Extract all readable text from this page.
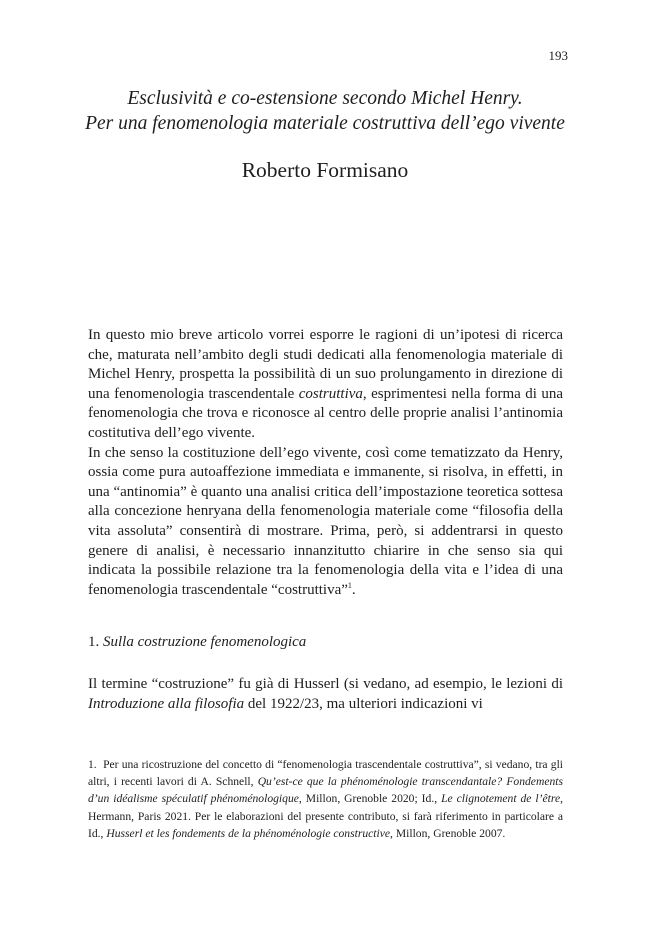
193
Esclusività e co-estensione secondo Michel Henry.
Per una fenomenologia materiale costruttiva dell’ego vivente
Roberto Formisano

In questo mio breve articolo vorrei esporre le ragioni di un’ipotesi di ricerca che, maturata nell’ambito degli studi dedicati alla fenomenologia materiale di Michel Henry, prospetta la possibilità di un suo prolungamento in direzione di una fenomenologia trascendentale costruttiva, esprimentesi nella forma di una fenomenologia che trova e riconosce al centro delle proprie analisi l’antinomia costitutiva dell’ego vivente.

In che senso la costituzione dell’ego vivente, così come tematizzato da Henry, ossia come pura autoaffezione immediata e immanente, si risolva, in effetti, in una “antinomia” è quanto una analisi critica dell’impostazione teoretica sottesa alla concezione henryana della fenomenologia materiale come “filosofia della vita assoluta” consentirà di mostrare. Prima, però, si addentrarsi in questo genere di analisi, è necessario innanzitutto chiarire in che senso sia qui indicata la possibile relazione tra la fenomenologia della vita e l’idea di una fenomenologia trascendentale “costruttiva”$^1$.

1. Sulla costruzione fenomenologica
Il termine “costruzione” fu già di Husserl (si vedano, ad esempio, le lezioni di Introduzione alla filosofia del 1922/23, ma ulteriori indicazioni vi
1. Per una ricostruzione del concetto di “fenomenologia trascendentale costruttiva”, si vedano, tra gli altri, i recenti lavori di A. Schnell, Qu’est-ce que la phénoménologie transcendantale? Fondements d’un idéalisme spéculatif phénoménologique, Millon, Grenoble 2020; Id., Le clignotement de l’être, Hermann, Paris 2021. Per le elaborazioni del presente contributo, si farà riferimento in particolare a Id., Husserl et les fondements de la phénoménologie constructive, Millon, Grenoble 2007.
